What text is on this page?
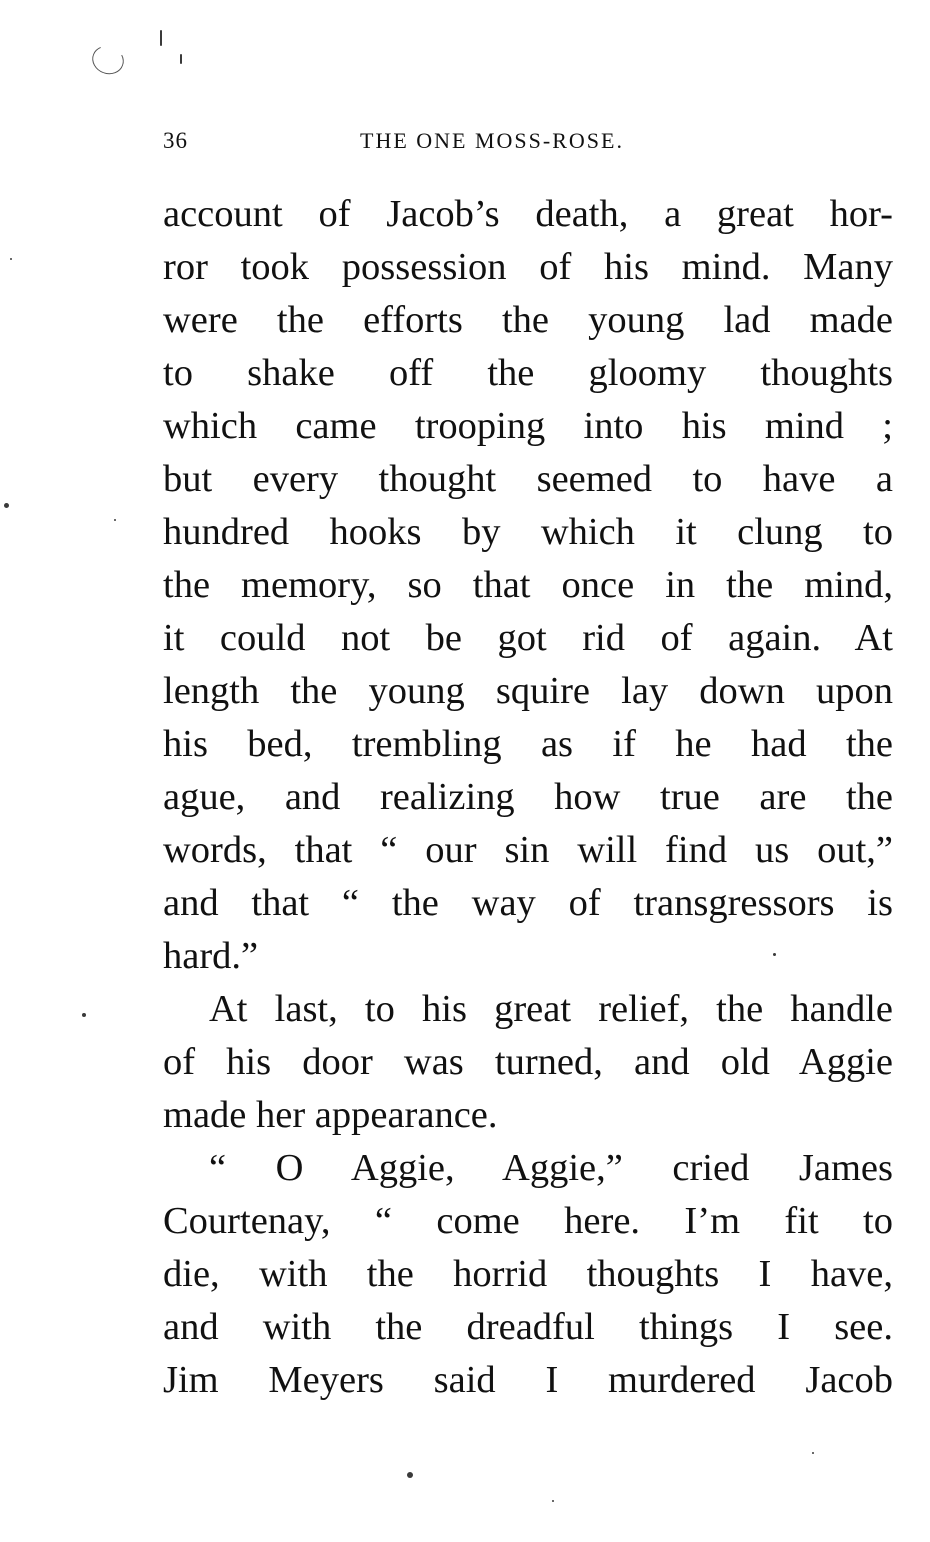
36	THE ONE MOSS-ROSE.
account of Jacob’s death, a great hor-
ror took possession of his mind. Many
were the efforts the young lad made
to shake off the gloomy thoughts
which came trooping into his mind ;
but every thought seemed to have a
hundred hooks by which it clung to
the memory, so that once in the mind,
it could not be got rid of again. At
length the young squire lay down upon
his bed, trembling as if he had the
ague, and realizing how true are the
words, that “ our sin will find us out,”
and that “ the way of transgressors is
hard.”
At last, to his great relief, the handle
of his door was turned, and old Aggie
made her appearance.
“ O Aggie, Aggie,” cried James
Courtenay, “ come here. I’m fit to
die, with the horrid thoughts I have,
and with the dreadful things I see.
Jim Meyers said I murdered Jacob
